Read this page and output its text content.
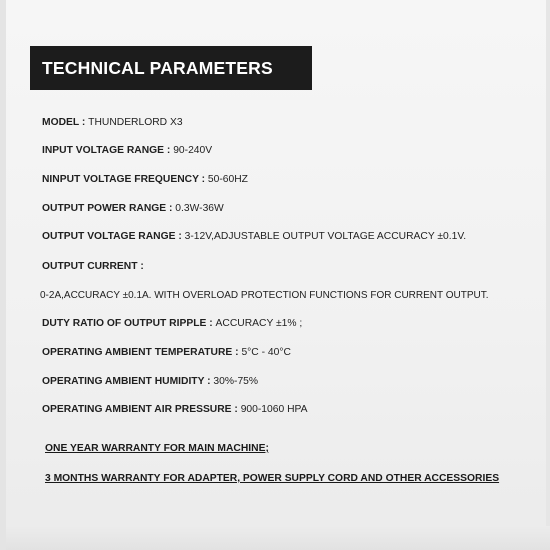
TECHNICAL PARAMETERS
MODEL : THUNDERLORD X3
INPUT VOLTAGE RANGE : 90-240V
NINPUT VOLTAGE FREQUENCY : 50-60HZ
OUTPUT POWER RANGE : 0.3W-36W
OUTPUT VOLTAGE RANGE : 3-12V,ADJUSTABLE OUTPUT VOLTAGE ACCURACY ±0.1V.
OUTPUT CURRENT :
0-2A,ACCURACY ±0.1A. WITH OVERLOAD PROTECTION FUNCTIONS FOR CURRENT OUTPUT.
DUTY RATIO OF OUTPUT RIPPLE : ACCURACY ±1% ;
OPERATING AMBIENT TEMPERATURE : 5°C - 40°C
OPERATING AMBIENT HUMIDITY : 30%-75%
OPERATING AMBIENT AIR PRESSURE : 900-1060 HPA
ONE YEAR WARRANTY FOR MAIN MACHINE;
3 MONTHS WARRANTY FOR ADAPTER, POWER SUPPLY CORD AND OTHER ACCESSORIES
